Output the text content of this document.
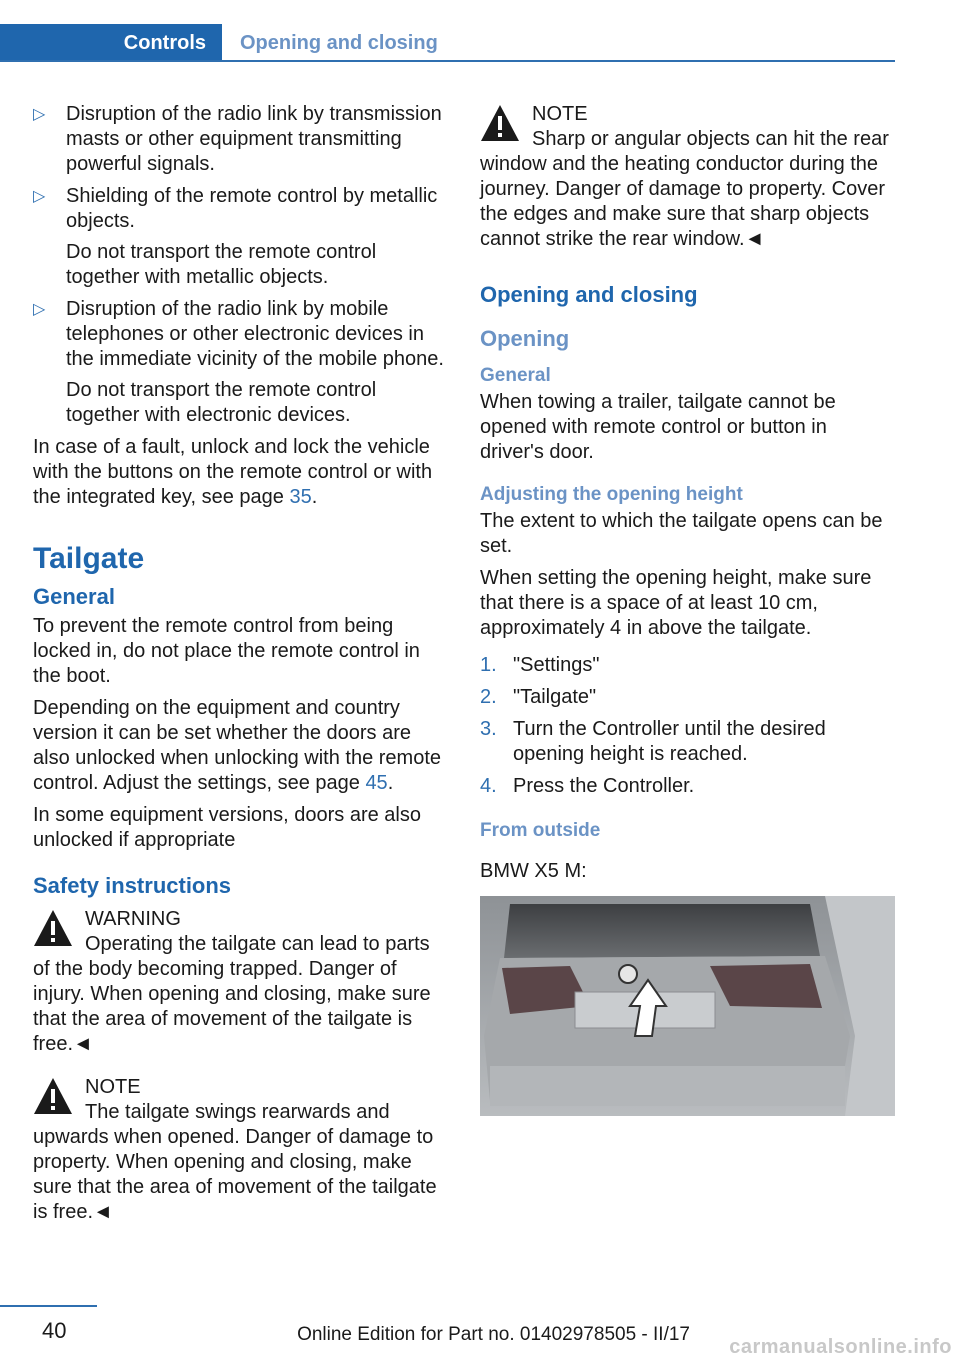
Controls Opening and closing
▷ Disruption of the radio link by transmission masts or other equipment transmitting powerful signals.
▷ Shielding of the remote control by metallic objects.
Do not transport the remote control together with metallic objects.
▷ Disruption of the radio link by mobile telephones or other electronic devices in the immediate vicinity of the mobile phone.
Do not transport the remote control together with electronic devices.

In case of a fault, unlock and lock the vehicle with the buttons on the remote control or with the integrated key, see page 35.

Tailgate
General

To prevent the remote control from being locked in, do not place the remote control in the boot.

Depending on the equipment and country version it can be set whether the doors are also unlocked when unlocking with the remote control. Adjust the settings, see page 45.

In some equipment versions, doors are also unlocked if appropriate

Safety instructions
WARNING
Operating the tailgate can lead to parts of the body becoming trapped. Danger of injury. When opening and closing, make sure that the area of movement of the tailgate is free.◄
NOTE
The tailgate swings rearwards and upwards when opened. Danger of damage to property. When opening and closing, make sure that the area of movement of the tailgate is free.◄
NOTE
Sharp or angular objects can hit the rear window and the heating conductor during the journey. Danger of damage to property. Cover the edges and make sure that sharp objects cannot strike the rear window.◄
Opening and closing
Opening
General

When towing a trailer, tailgate cannot be opened with remote control or button in driver's door.

Adjusting the opening height

The extent to which the tailgate opens can be set.

When setting the opening height, make sure that there is a space of at least 10 cm, approximately 4 in above the tailgate.

1. "Settings"
2. "Tailgate"
3. Turn the Controller until the desired opening height is reached.
4. Press the Controller.
From outside

BMW X5 M:

40	Online Edition for Part no. 01402978505 - II/17
carmanualsonline.info
